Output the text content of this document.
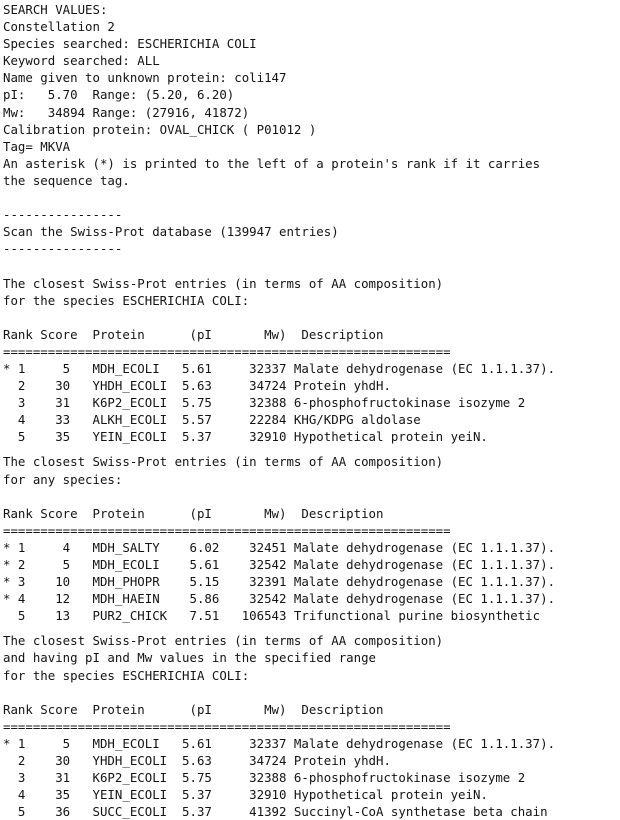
SEARCH VALUES:
Constellation 2
Species searched: ESCHERICHIA COLI
Keyword searched: ALL
Name given to unknown protein: coli147
pI:   5.70  Range: (5.20, 6.20)
Mw:   34894 Range: (27916, 41872)
Calibration protein: OVAL_CHICK ( P01012 )
Tag= MKVA
An asterisk (*) is printed to the left of a protein's rank if it carries
the sequence tag.
----------------
Scan the Swiss-Prot database (139947 entries)
----------------
The closest Swiss-Prot entries (in terms of AA composition)
for the species ESCHERICHIA COLI:
Rank Score  Protein      (pI       Mw)  Description
============================================================
* 1     5   MDH_ECOLI   5.61     32337 Malate dehydrogenase (EC 1.1.1.37).
2    30   YHDH_ECOLI  5.63     34724 Protein yhdH.
3    31   K6P2_ECOLI  5.75     32388 6-phosphofructokinase isozyme 2
4    33   ALKH_ECOLI  5.57     22284 KHG/KDPG aldolase
5    35   YEIN_ECOLI  5.37     32910 Hypothetical protein yeiN.
The closest Swiss-Prot entries (in terms of AA composition)
for any species:
Rank Score  Protein      (pI       Mw)  Description
============================================================
* 1     4   MDH_SALTY    6.02    32451 Malate dehydrogenase (EC 1.1.1.37).
* 2     5   MDH_ECOLI    5.61    32542 Malate dehydrogenase (EC 1.1.1.37).
* 3    10   MDH_PHOPR    5.15    32391 Malate dehydrogenase (EC 1.1.1.37).
* 4    12   MDH_HAEIN    5.86    32542 Malate dehydrogenase (EC 1.1.1.37).
5    13   PUR2_CHICK   7.51   106543 Trifunctional purine biosynthetic
The closest Swiss-Prot entries (in terms of AA composition)
and having pI and Mw values in the specified range
for the species ESCHERICHIA COLI:
Rank Score  Protein      (pI       Mw)  Description
============================================================
* 1     5   MDH_ECOLI   5.61     32337 Malate dehydrogenase (EC 1.1.1.37).
2    30   YHDH_ECOLI  5.63     34724 Protein yhdH.
3    31   K6P2_ECOLI  5.75     32388 6-phosphofructokinase isozyme 2
4    35   YEIN_ECOLI  5.37     32910 Hypothetical protein yeiN.
5    36   SUCC_ECOLI  5.37     41392 Succinyl-CoA synthetase beta chain
